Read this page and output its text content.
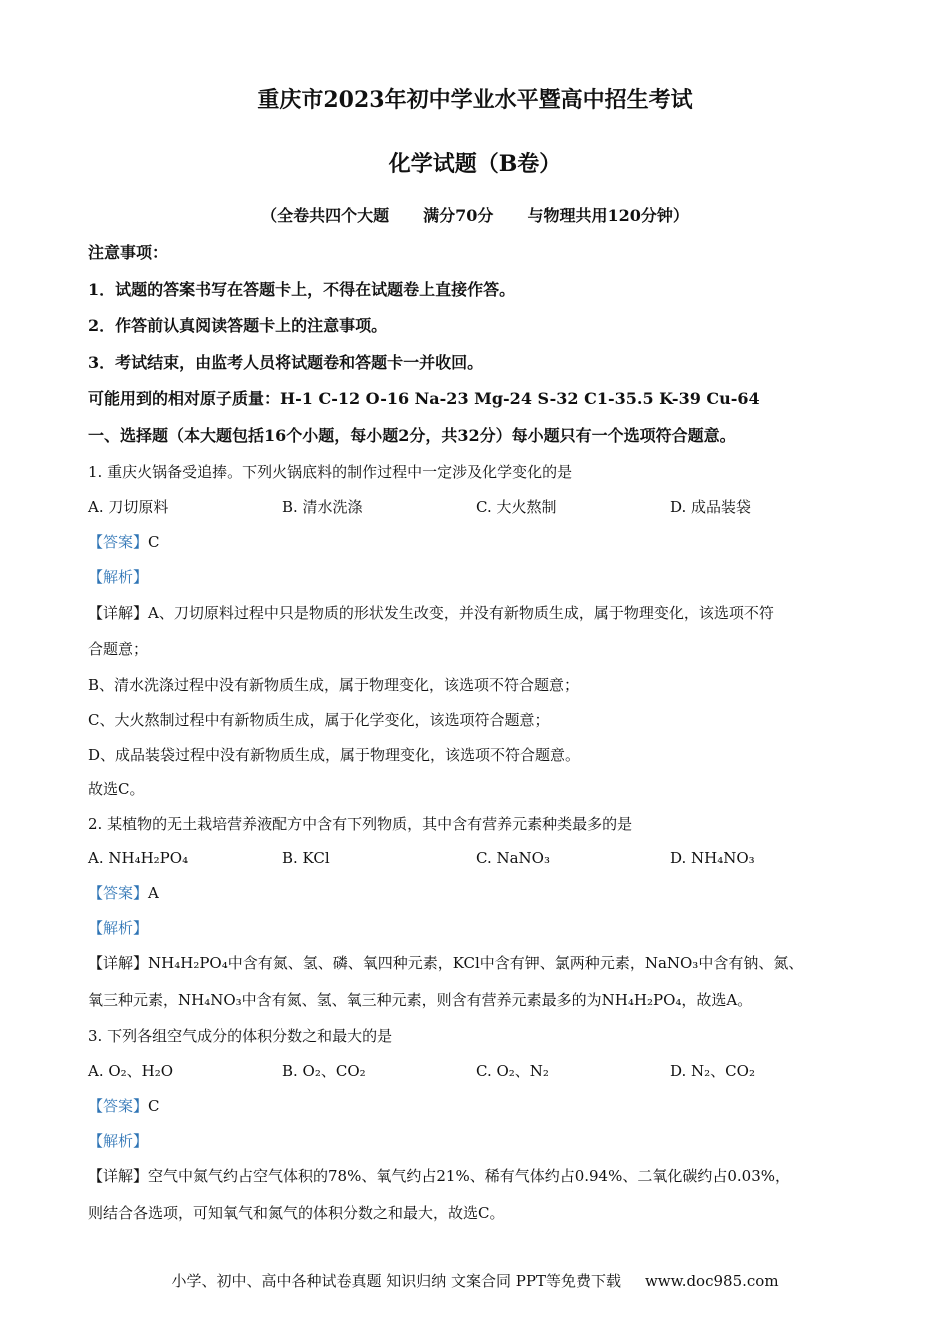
重庆市2023年初中学业水平暨高中招生考试
化学试题（B卷）
（全卷共四个大题 满分70分 与物理共用120分钟）
注意事项：
1．试题的答案书写在答题卡上，不得在试题卷上直接作答。
2．作答前认真阅读答题卡上的注意事项。
3．考试结束，由监考人员将试题卷和答题卡一并收回。
可能用到的相对原子质量：H-1 C-12 O-16 Na-23 Mg-24 S-32 C1-35.5 K-39 Cu-64
一、选择题（本大题包括16个小题，每小题2分，共32分）每小题只有一个选项符合题意。
1. 重庆火锅备受追捧。下列火锅底料的制作过程中一定涉及化学变化的是
A. 刀切原料	B. 清水洗涤	C. 大火熬制	D. 成品装袋
【答案】C
【解析】
【详解】A、刀切原料过程中只是物质的形状发生改变，并没有新物质生成，属于物理变化，该选项不符
合题意；
B、清水洗涤过程中没有新物质生成，属于物理变化，该选项不符合题意；
C、大火熬制过程中有新物质生成，属于化学变化，该选项符合题意；
D、成品装袋过程中没有新物质生成，属于物理变化，该选项不符合题意。
故选C。
2. 某植物的无土栽培营养液配方中含有下列物质，其中含有营养元素种类最多的是
A. NH₄H₂PO₄	B. KCl	C. NaNO₃	D. NH₄NO₃
【答案】A
【解析】
【详解】NH₄H₂PO₄中含有氮、氢、磷、氧四种元素，KCl中含有钾、氯两种元素，NaNO₃中含有钠、氮、
氧三种元素，NH₄NO₃中含有氮、氢、氧三种元素，则含有营养元素最多的为NH₄H₂PO₄，故选A。
3. 下列各组空气成分的体积分数之和最大的是
A. O₂、H₂O	B. O₂、CO₂	C. O₂、N₂	D. N₂、CO₂
【答案】C
【解析】
【详解】空气中氮气约占空气体积的78%、氧气约占21%、稀有气体约占0.94%、二氧化碳约占0.03%，
则结合各选项，可知氧气和氮气的体积分数之和最大，故选C。
小学、初中、高中各种试卷真题 知识归纳 文案合同 PPT等免费下载 www.doc985.com
